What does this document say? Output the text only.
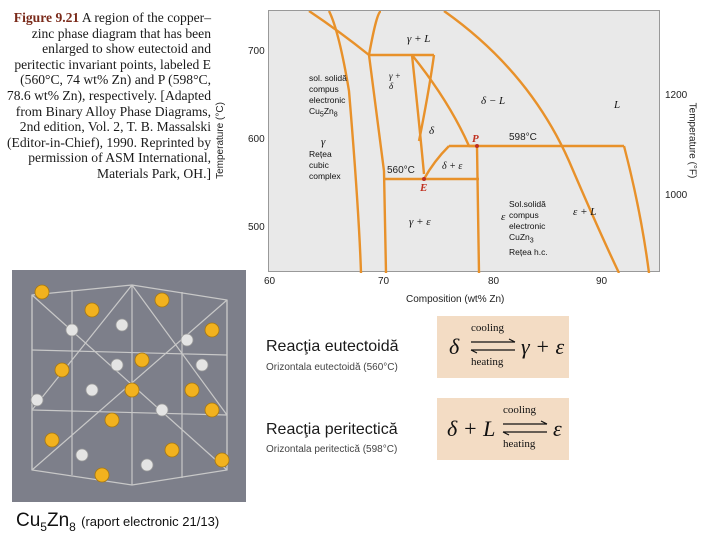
Figure 9.21 A region of the copper–zinc phase diagram that has been enlarged to show eutectoid and peritectic invariant points, labeled E (560°C, 74 wt% Zn) and P (598°C, 78.6 wt% Zn), respectively. [Adapted from Binary Alloy Phase Diagrams, 2nd edition, Vol. 2, T. B. Massalski (Editor-in-Chief), 1990. Reprinted by permission of ASM International, Materials Park, OH.]
γ + L
δ − L	L
δ
δ + ε
γ + ε
ε + L
γ
γ + δ
ε
P
E
598°C
560°C
sol. solidă
compus
electronic
$Cu_5Zn_8$
Rețea
cubic
complex
Sol.solidă
compus
electronic
CuZn$_3$
Rețea h.c.
700
600
500
1200
1000
60	70	80	90
Composition (wt% Zn)
Temperature (°C)	Temperature (°F)
$Cu_5Zn_8$ (raport electronic 21/13)
Reacţia eutectoidă
Orizontala eutectoidă (560°C)
δ
cooling
heating
γ + ε
Reacţia peritectică
Orizontala peritectică (598°C)
δ + L
cooling
heating
ε
